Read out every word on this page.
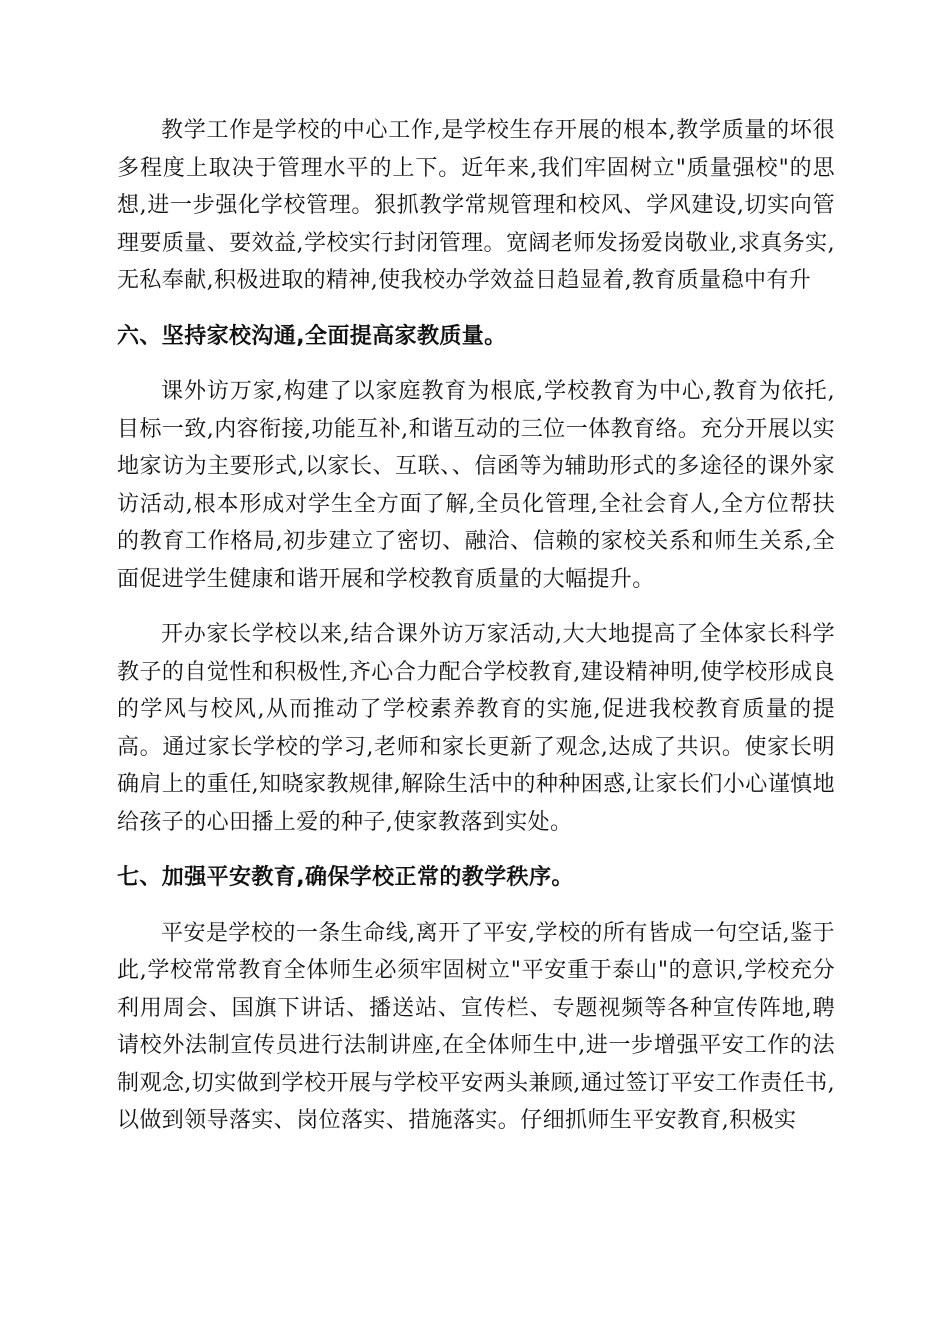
教学工作是学校的中心工作,是学校生存开展的根本,教学质量的坏很多程度上取决于管理水平的上下。近年来,我们牢固树立"质量强校"的思想,进一步强化学校管理。狠抓教学常规管理和校风、学风建设,切实向管理要质量、要效益,学校实行封闭管理。宽阔老师发扬爱岗敬业,求真务实,无私奉献,积极进取的精神,使我校办学效益日趋显着,教育质量稳中有升

六、坚持家校沟通,全面提高家教质量。

课外访万家,构建了以家庭教育为根底,学校教育为中心,教育为依托,目标一致,内容衔接,功能互补,和谐互动的三位一体教育络。充分开展以实地家访为主要形式,以家长、互联、、信函等为辅助形式的多途径的课外家访活动,根本形成对学生全方面了解,全员化管理,全社会育人,全方位帮扶的教育工作格局,初步建立了密切、融洽、信赖的家校关系和师生关系,全面促进学生健康和谐开展和学校教育质量的大幅提升。

开办家长学校以来,结合课外访万家活动,大大地提高了全体家长科学教子的自觉性和积极性,齐心合力配合学校教育,建设精神明,使学校形成良的学风与校风,从而推动了学校素养教育的实施,促进我校教育质量的提高。通过家长学校的学习,老师和家长更新了观念,达成了共识。使家长明确肩上的重任,知晓家教规律,解除生活中的种种困惑,让家长们小心谨慎地给孩子的心田播上爱的种子,使家教落到实处。

七、加强平安教育,确保学校正常的教学秩序。

平安是学校的一条生命线,离开了平安,学校的所有皆成一句空话,鉴于此,学校常常教育全体师生必须牢固树立"平安重于泰山"的意识,学校充分利用周会、国旗下讲话、播送站、宣传栏、专题视频等各种宣传阵地,聘请校外法制宣传员进行法制讲座,在全体师生中,进一步增强平安工作的法制观念,切实做到学校开展与学校平安两头兼顾,通过签订平安工作责任书,以做到领导落实、岗位落实、措施落实。仔细抓师生平安教育,积极实
